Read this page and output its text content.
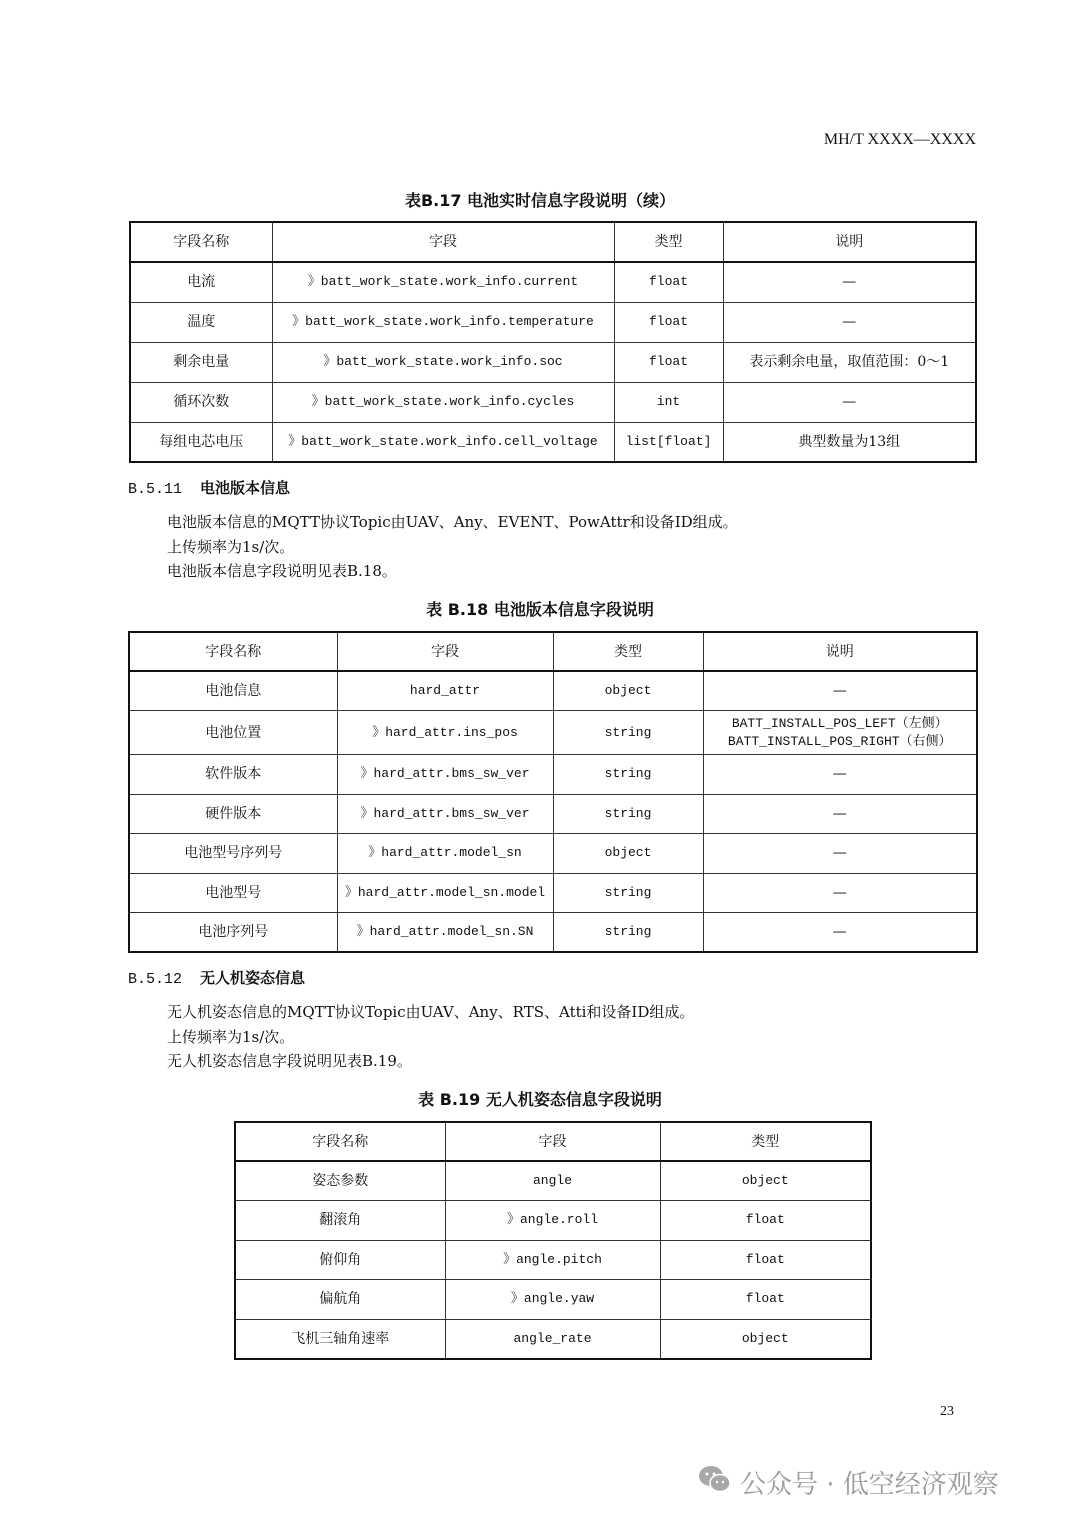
MH/T XXXX—XXXX
表B.17 电池实时信息字段说明（续）
字段名称	字段	类型	说明
电流	》batt_work_state.work_info.current	float	—
温度	》batt_work_state.work_info.temperature	float	—
剩余电量	》batt_work_state.work_info.soc	float	表示剩余电量，取值范围：0～1
循环次数	》batt_work_state.work_info.cycles	int	—
每组电芯电压	》batt_work_state.work_info.cell_voltage	list[float]	典型数量为13组
B.5.11 电池版本信息
电池版本信息的MQTT协议Topic由UAV、Any、EVENT、PowAttr和设备ID组成。
上传频率为1s/次。
电池版本信息字段说明见表B.18。
表 B.18 电池版本信息字段说明
字段名称	字段	类型	说明
电池信息	hard_attr	object	—
电池位置	》hard_attr.ins_pos	string	BATT_INSTALL_POS_LEFT（左侧）
BATT_INSTALL_POS_RIGHT（右侧）

软件版本	》hard_attr.bms_sw_ver	string	—
硬件版本	》hard_attr.bms_sw_ver	string	—
电池型号序列号	》hard_attr.model_sn	object	—
电池型号	》hard_attr.model_sn.model	string	—
电池序列号	》hard_attr.model_sn.SN	string	—
B.5.12 无人机姿态信息
无人机姿态信息的MQTT协议Topic由UAV、Any、RTS、Atti和设备ID组成。
上传频率为1s/次。
无人机姿态信息字段说明见表B.19。
表 B.19 无人机姿态信息字段说明
字段名称	字段	类型
姿态参数	angle	object
翻滚角	》angle.roll	float
俯仰角	》angle.pitch	float
偏航角	》angle.yaw	float
飞机三轴角速率	angle_rate	object
23
公众号 · 低空经济观察
